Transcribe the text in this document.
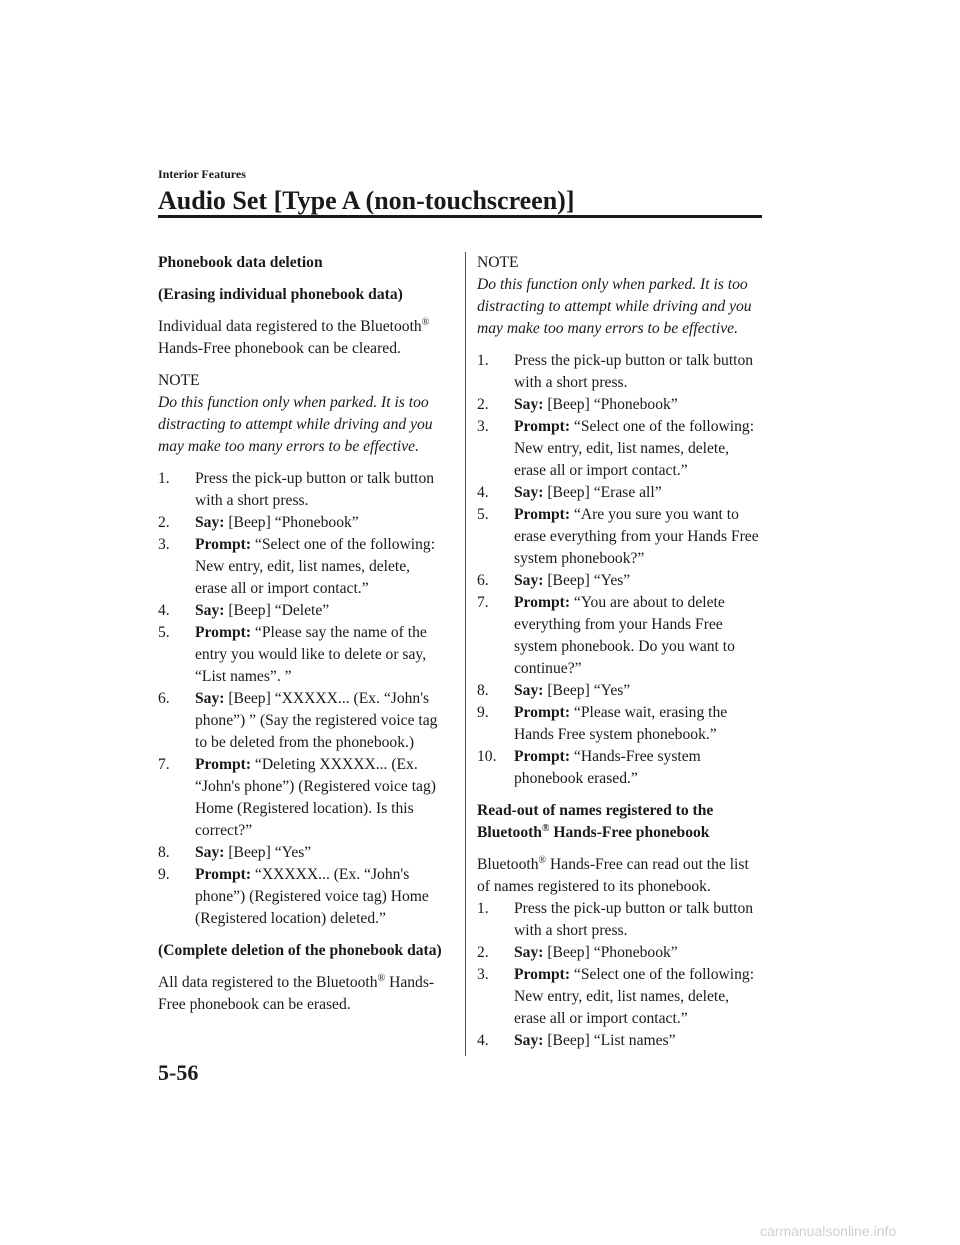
Interior Features
Audio Set [Type A (non-touchscreen)]

Phonebook data deletion

(Erasing individual phonebook data)

Individual data registered to the Bluetooth® Hands-Free phonebook can be cleared.

NOTE

Do this function only when parked. It is too distracting to attempt while driving and you may make too many errors to be effective.

1.	Press the pick-up button or talk button with a short press.
2.	Say: [Beep] “Phonebook”
3.	Prompt: “Select one of the following: New entry, edit, list names, delete, erase all or import contact.”
4.	Say: [Beep] “Delete”
5.	Prompt: “Please say the name of the entry you would like to delete or say, “List names”. ”
6.	Say: [Beep] “XXXXX... (Ex. “John's phone”) ” (Say the registered voice tag to be deleted from the phonebook.)
7.	Prompt: “Deleting XXXXX... (Ex. “John's phone”) (Registered voice tag) Home (Registered location). Is this correct?”
8.	Say: [Beep] “Yes”
9.	Prompt: “XXXXX... (Ex. “John's phone”) (Registered voice tag) Home (Registered location) deleted.”

(Complete deletion of the phonebook data)

All data registered to the Bluetooth® Hands-Free phonebook can be erased.

NOTE

Do this function only when parked. It is too distracting to attempt while driving and you may make too many errors to be effective.

1.	Press the pick-up button or talk button with a short press.
2.	Say: [Beep] “Phonebook”
3.	Prompt: “Select one of the following: New entry, edit, list names, delete, erase all or import contact.”
4.	Say: [Beep] “Erase all”
5.	Prompt: “Are you sure you want to erase everything from your Hands Free system phonebook?”
6.	Say: [Beep] “Yes”
7.	Prompt: “You are about to delete everything from your Hands Free system phonebook. Do you want to continue?”
8.	Say: [Beep] “Yes”
9.	Prompt: “Please wait, erasing the Hands Free system phonebook.”
10.	Prompt: “Hands-Free system phonebook erased.”

Read-out of names registered to the Bluetooth® Hands-Free phonebook

Bluetooth® Hands-Free can read out the list of names registered to its phonebook.

1.	Press the pick-up button or talk button with a short press.
2.	Say: [Beep] “Phonebook”
3.	Prompt: “Select one of the following: New entry, edit, list names, delete, erase all or import contact.”
4.	Say: [Beep] “List names”
5-56
carmanualsonline.info
